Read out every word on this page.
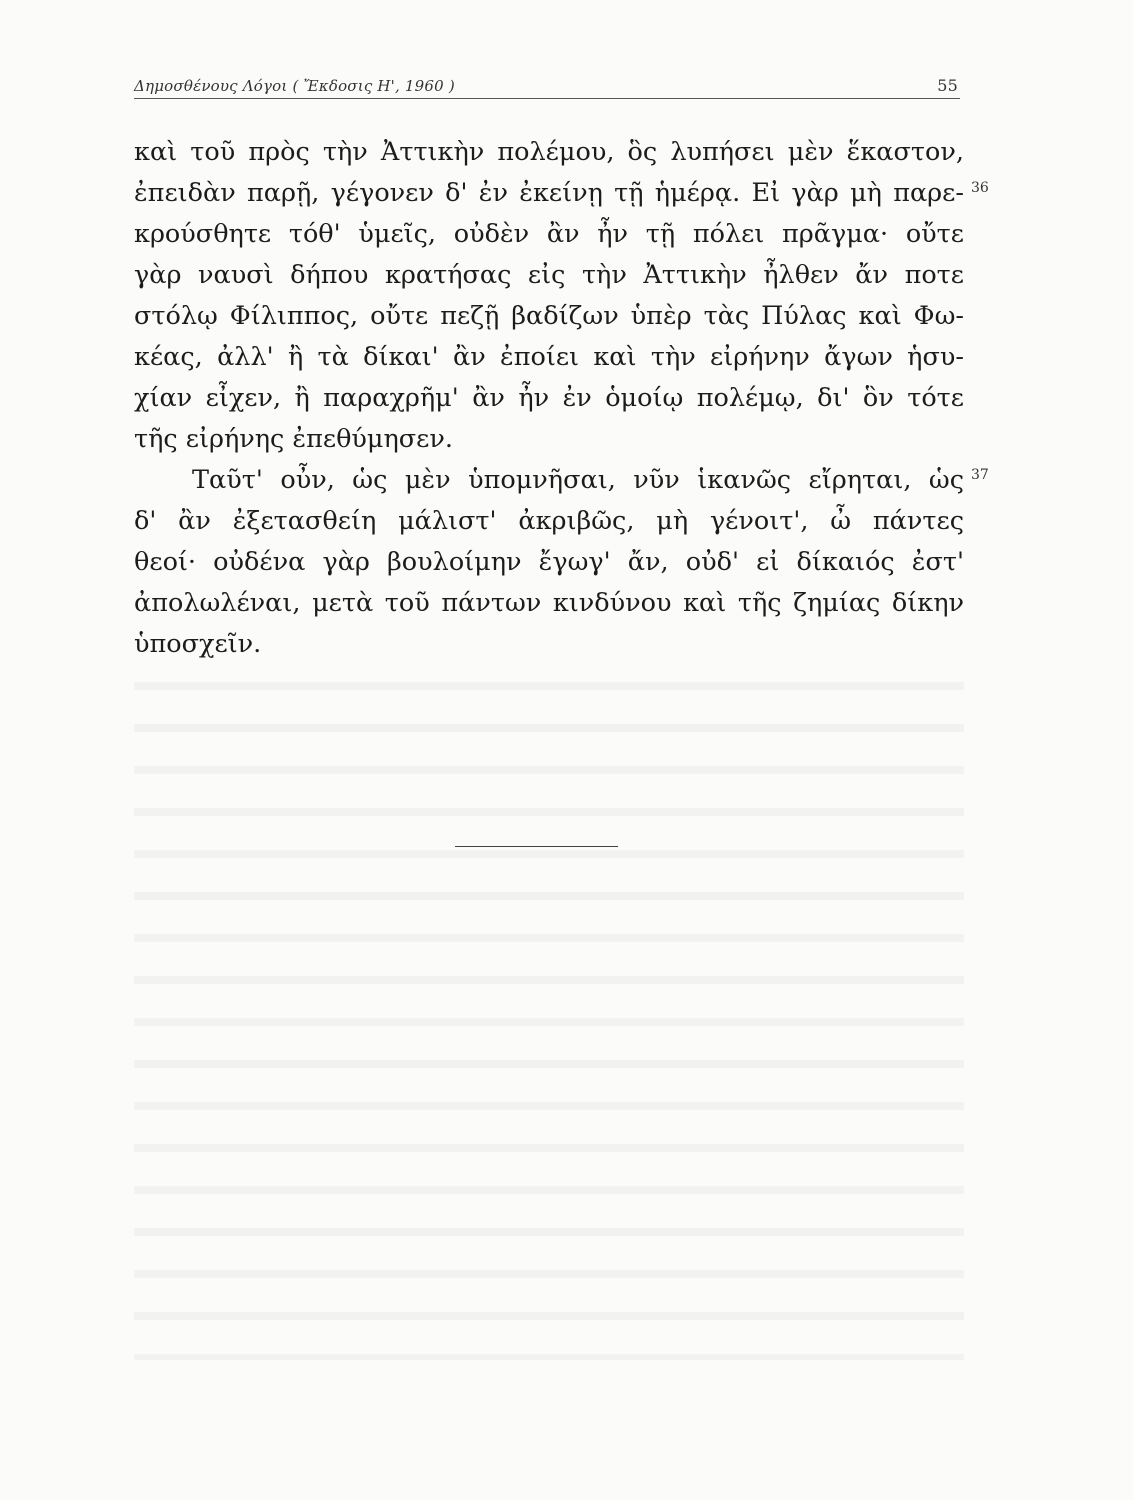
Δημοσθένους Λόγοι ( Ἔκδοσις Η', 1960 )	55
καὶ τοῦ πρὸς τὴν Ἀττικὴν πολέμου, ὃς λυπήσει μὲν ἕκαστον,
ἐπειδὰν παρῇ, γέγονεν δ' ἐν ἐκείνῃ τῇ ἡμέρᾳ. Εἰ γὰρ μὴ παρε-
κρούσθητε τόθ' ὑμεῖς, οὐδὲν ἂν ἦν τῇ πόλει πρᾶγμα· οὔτε
γὰρ ναυσὶ δήπου κρατήσας εἰς τὴν Ἀττικὴν ἦλθεν ἄν ποτε
στόλῳ Φίλιππος, οὔτε πεζῇ βαδίζων ὑπὲρ τὰς Πύλας καὶ Φω-
κέας, ἀλλ' ἢ τὰ δίκαι' ἂν ἐποίει καὶ τὴν εἰρήνην ἄγων ἡσυ-
χίαν εἶχεν, ἢ παραχρῆμ' ἂν ἦν ἐν ὁμοίῳ πολέμῳ, δι' ὃν τότε
τῆς εἰρήνης ἐπεθύμησεν.
Ταῦτ' οὖν, ὡς μὲν ὑπομνῆσαι, νῦν ἱκανῶς εἴρηται, ὡς
δ' ἂν ἐξετασθείη μάλιστ' ἀκριβῶς, μὴ γένοιτ', ὦ πάντες
θεοί· οὐδένα γὰρ βουλοίμην ἔγωγ' ἄν, οὐδ' εἰ δίκαιός ἐστ'
ἀπολωλέναι, μετὰ τοῦ πάντων κινδύνου καὶ τῆς ζημίας δίκην
ὑποσχεῖν.
36
37
